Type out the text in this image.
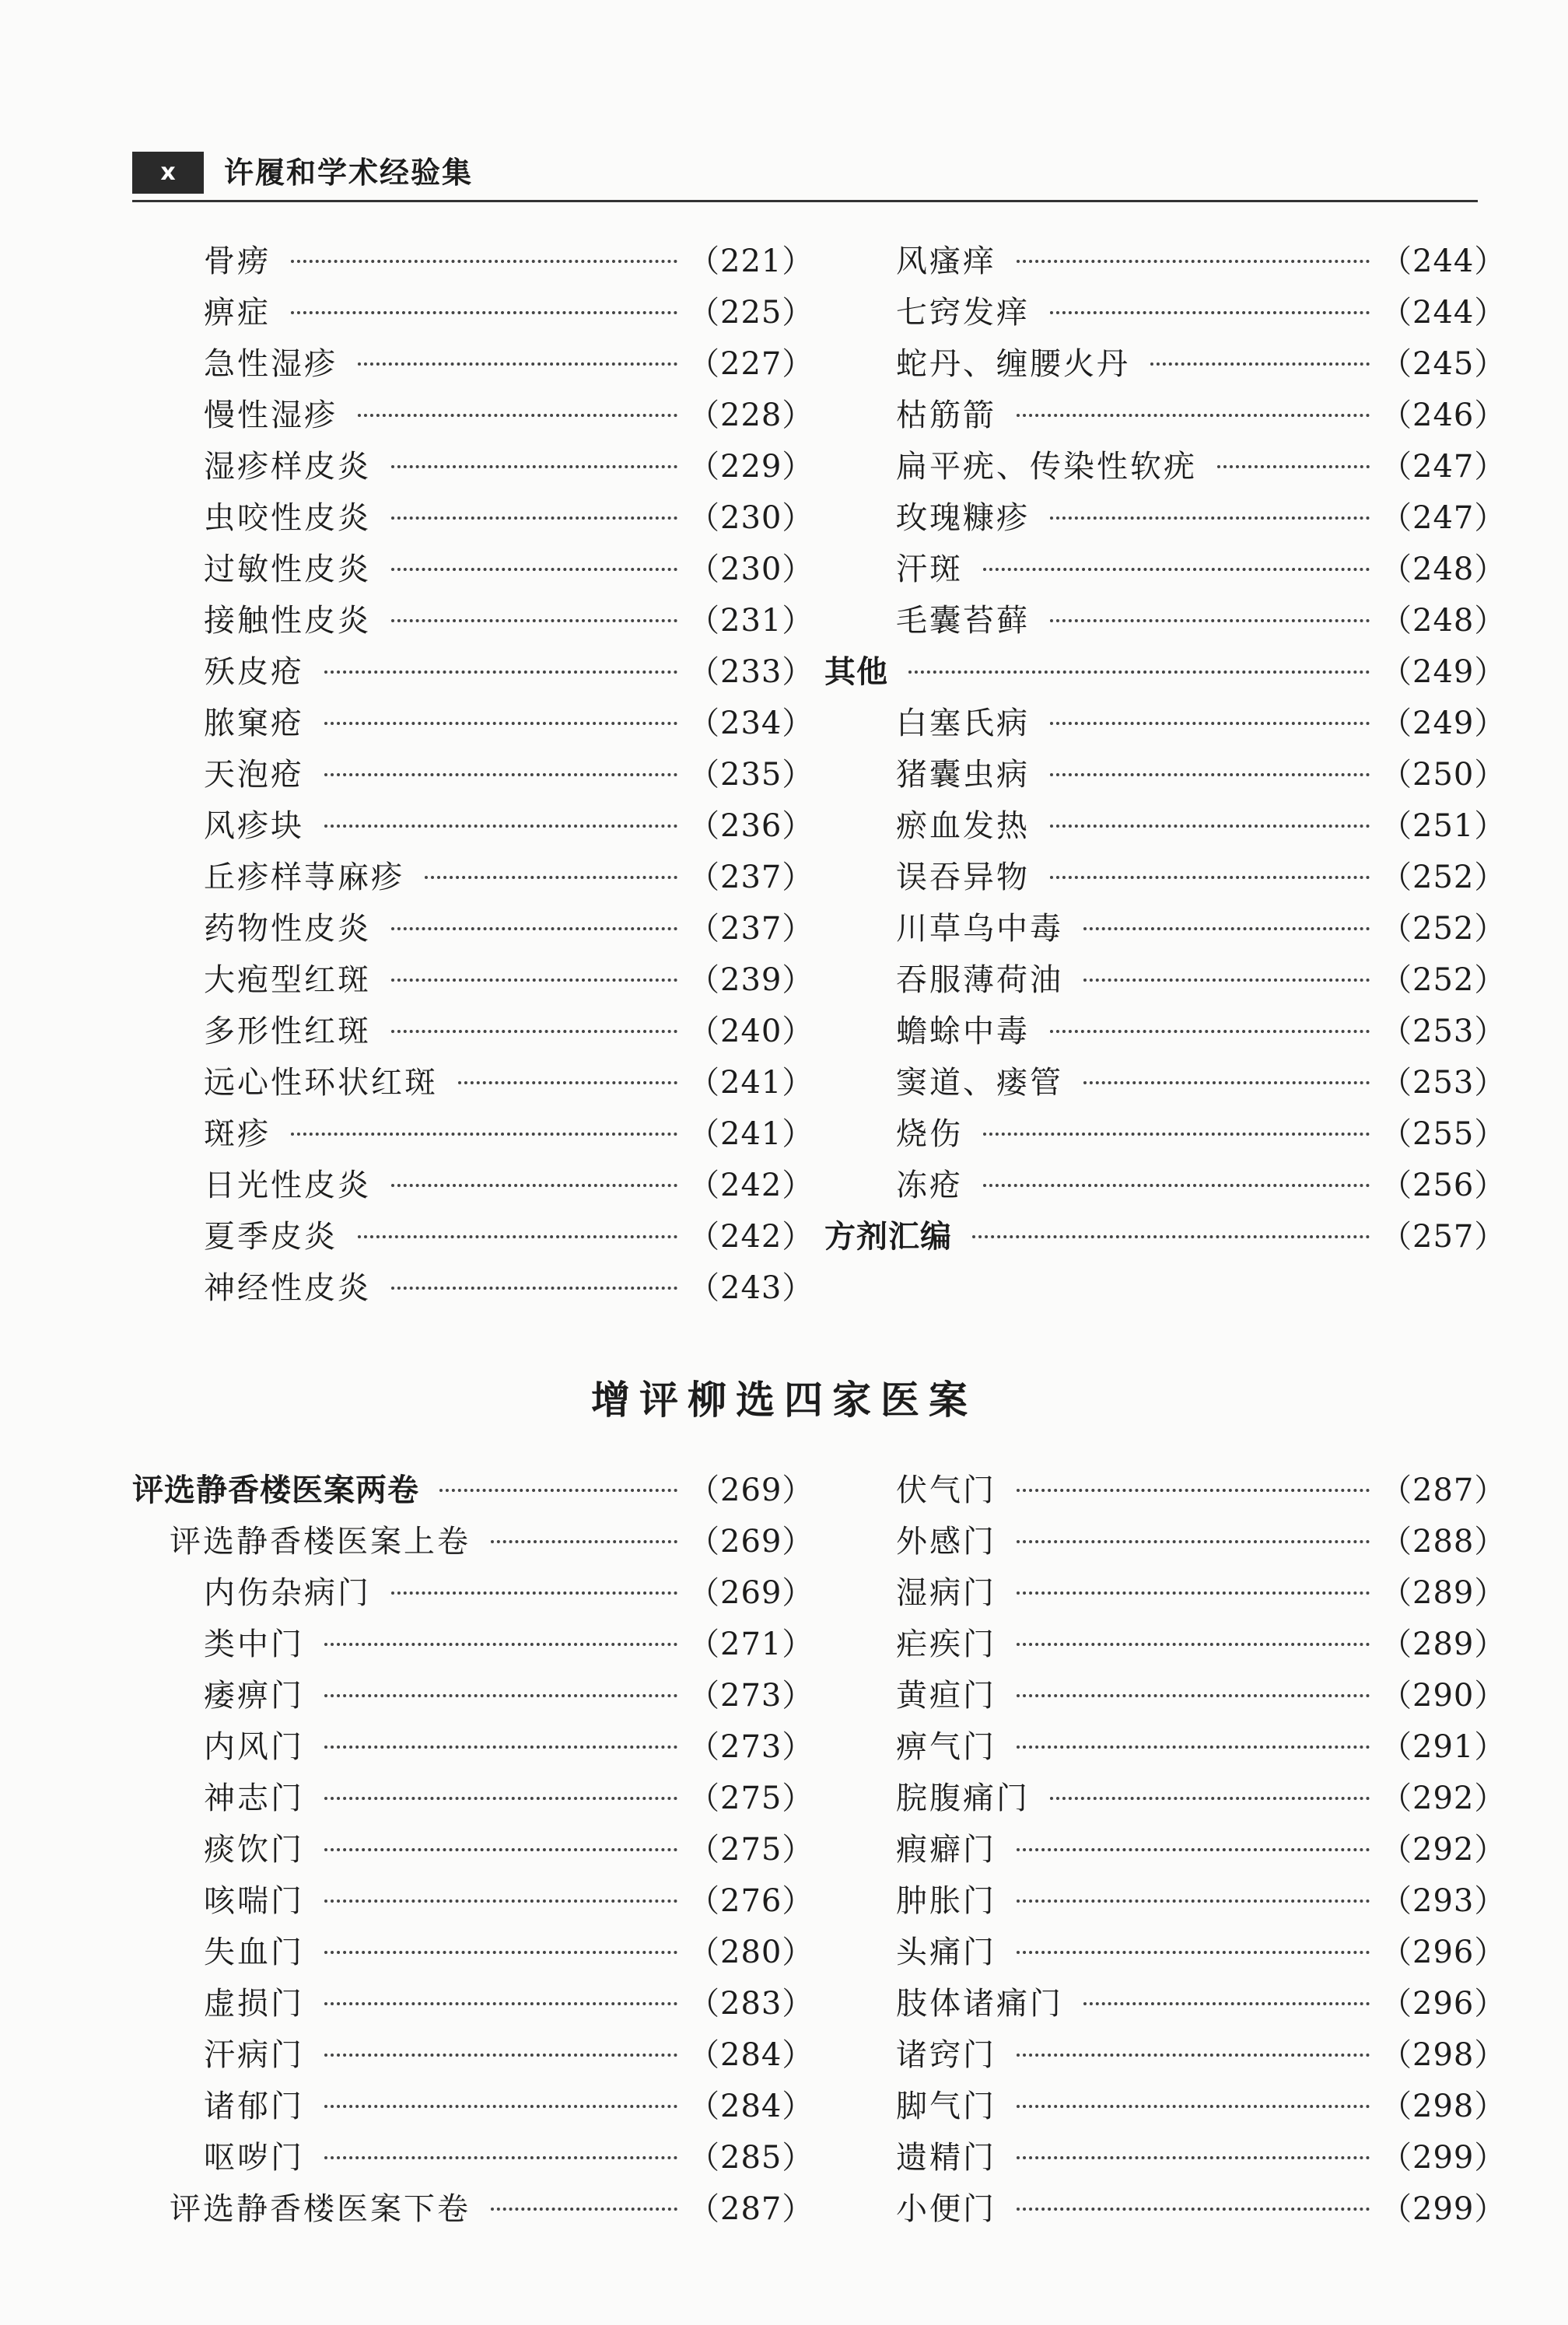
x	许履和学术经验集
骨痨	（221）
痹症	（225）
急性湿疹	（227）
慢性湿疹	（228）
湿疹样皮炎	（229）
虫咬性皮炎	（230）
过敏性皮炎	（230）
接触性皮炎	（231）
殀皮疮	（233）
脓窠疮	（234）
天泡疮	（235）
风疹块	（236）
丘疹样荨麻疹	（237）
药物性皮炎	（237）
大疱型红斑	（239）
多形性红斑	（240）
远心性环状红斑	（241）
斑疹	（241）
日光性皮炎	（242）
夏季皮炎	（242）
神经性皮炎	（243）
风瘙痒	（244）
七窍发痒	（244）
蛇丹、缠腰火丹	（245）
枯筋箭	（246）
扁平疣、传染性软疣	（247）
玫瑰糠疹	（247）
汗斑	（248）
毛囊苔藓	（248）
其他	（249）
白塞氏病	（249）
猪囊虫病	（250）
瘀血发热	（251）
误吞异物	（252）
川草乌中毒	（252）
吞服薄荷油	（252）
蟾蜍中毒	（253）
窦道、瘘管	（253）
烧伤	（255）
冻疮	（256）
方剂汇编	（257）
增评柳选四家医案
评选静香楼医案两卷	（269）
评选静香楼医案上卷	（269）
内伤杂病门	（269）
类中门	（271）
痿痹门	（273）
内风门	（273）
神志门	（275）
痰饮门	（275）
咳喘门	（276）
失血门	（280）
虚损门	（283）
汗病门	（284）
诸郁门	（284）
呕哕门	（285）
评选静香楼医案下卷	（287）
伏气门	（287）
外感门	（288）
湿病门	（289）
疟疾门	（289）
黄疸门	（290）
痹气门	（291）
脘腹痛门	（292）
瘕癖门	（292）
肿胀门	（293）
头痛门	（296）
肢体诸痛门	（296）
诸窍门	（298）
脚气门	（298）
遗精门	（299）
小便门	（299）
